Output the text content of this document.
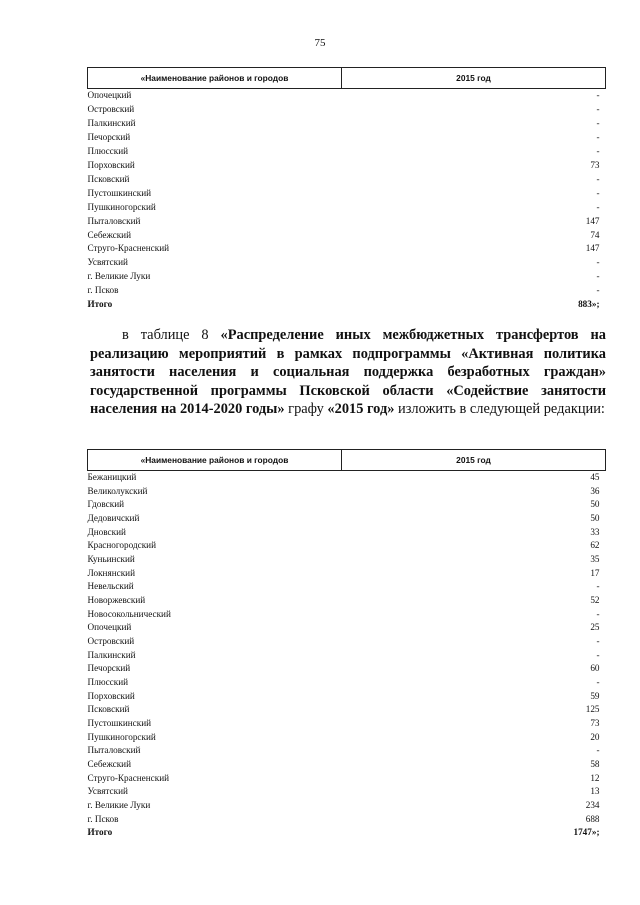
75
«Наименование районов и городов	2015 год
Опочецкий	-
Островский	-
Палкинский	-
Печорский	-
Плюсский	-
Порховский	73
Псковский	-
Пустошкинский	-
Пушкиногорский	-
Пыталовский	147
Себежский	74
Струго-Красненский	147
Усвятский	-
г. Великие Луки	-
г. Псков	-
Итого	883»;

в таблице 8 «Распределение иных межбюджетных трансфертов на реализацию мероприятий в рамках подпрограммы «Активная политика занятости населения и социальная поддержка безработных граждан» государственной программы Псковской области «Содействие занятости населения на 2014-2020 годы» графу «2015 год» изложить в следующей редакции:

«Наименование районов и городов	2015 год
Бежаницкий	45
Великолукский	36
Гдовский	50
Дедовичский	50
Дновский	33
Красногородский	62
Куньинский	35
Локнянский	17
Невельский	-
Новоржевский	52
Новосокольнический	-
Опочецкий	25
Островский	-
Палкинский	-
Печорский	60
Плюсский	-
Порховский	59
Псковский	125
Пустошкинский	73
Пушкиногорский	20
Пыталовский	-
Себежский	58
Струго-Красненский	12
Усвятский	13
г. Великие Луки	234
г. Псков	688
Итого	1747»;
